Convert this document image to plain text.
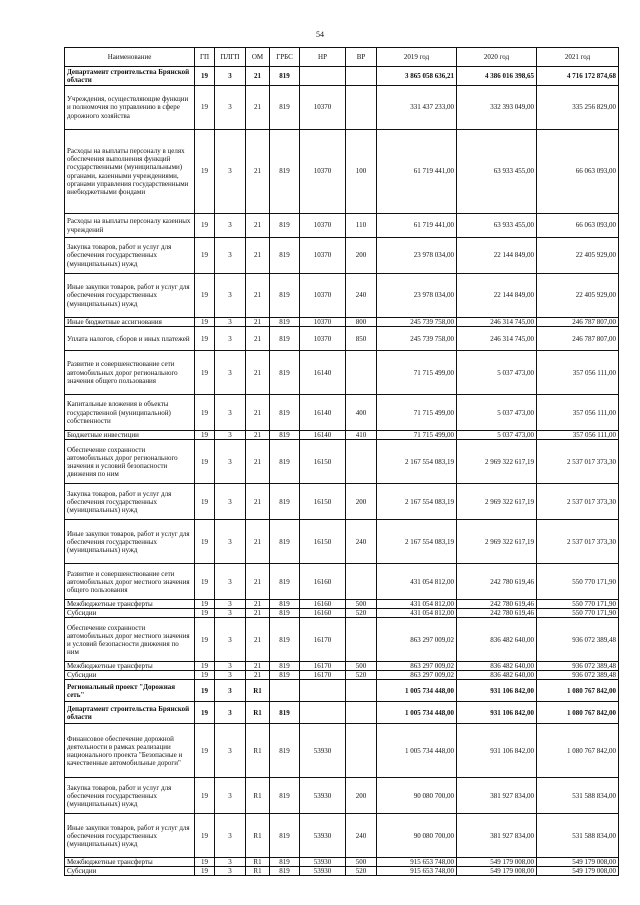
54
Наименование	ГП	ПЛГП	ОМ	ГРБС	НР	ВР	2019 год	2020 год	2021 год
Департамент строительства Брянской области	19	3	21	819			3 865 058 636,21	4 386 016 398,65	4 716 172 874,68
Учреждения, осуществляющие функции и полномочия по управлению в сфере дорожного хозяйства	19	3	21	819	10370		331 437 233,00	332 393 049,00	335 256 829,00
Расходы на выплаты персоналу в целях обеспечения выполнения функций государственными (муниципальными) органами, казенными учреждениями, органами управления государственными внебюджетными фондами	19	3	21	819	10370	100	61 719 441,00	63 933 455,00	66 063 093,00
Расходы на выплаты персоналу казенных учреждений	19	3	21	819	10370	110	61 719 441,00	63 933 455,00	66 063 093,00
Закупка товаров, работ и услуг для обеспечения государственных (муниципальных) нужд	19	3	21	819	10370	200	23 978 034,00	22 144 849,00	22 405 929,00
Иные закупки товаров, работ и услуг для обеспечения государственных (муниципальных) нужд	19	3	21	819	10370	240	23 978 034,00	22 144 849,00	22 405 929,00
Иные бюджетные ассигнования	19	3	21	819	10370	800	245 739 758,00	246 314 745,00	246 787 807,00
Уплата налогов, сборов и иных платежей	19	3	21	819	10370	850	245 739 758,00	246 314 745,00	246 787 807,00
Развитие и совершенствование сети автомобильных дорог регионального значения общего пользования	19	3	21	819	16140		71 715 499,00	5 037 473,00	357 056 111,00
Капитальные вложения в объекты государственной (муниципальной) собственности	19	3	21	819	16140	400	71 715 499,00	5 037 473,00	357 056 111,00
Бюджетные инвестиции	19	3	21	819	16140	410	71 715 499,00	5 037 473,00	357 056 111,00
Обеспечение сохранности автомобильных дорог регионального значения и условий безопасности движения по ним	19	3	21	819	16150		2 167 554 083,19	2 969 322 617,19	2 537 017 373,30
Закупка товаров, работ и услуг для обеспечения государственных (муниципальных) нужд	19	3	21	819	16150	200	2 167 554 083,19	2 969 322 617,19	2 537 017 373,30
Иные закупки товаров, работ и услуг для обеспечения государственных (муниципальных) нужд	19	3	21	819	16150	240	2 167 554 083,19	2 969 322 617,19	2 537 017 373,30
Развитие и совершенствование сети автомобильных дорог местного значения общего пользования	19	3	21	819	16160		431 054 812,00	242 780 619,46	550 770 171,90
Межбюджетные трансферты	19	3	21	819	16160	500	431 054 812,00	242 780 619,46	550 770 171,90
Субсидии	19	3	21	819	16160	520	431 054 812,00	242 780 619,46	550 770 171,90
Обеспечение сохранности автомобильных дорог местного значения и условий безопасности движения по ним	19	3	21	819	16170		863 297 009,02	836 482 640,00	936 072 389,48
Межбюджетные трансферты	19	3	21	819	16170	500	863 297 009,02	836 482 640,00	936 072 389,48
Субсидии	19	3	21	819	16170	520	863 297 009,02	836 482 640,00	936 072 389,48
Региональный проект "Дорожная сеть"	19	3	R1				1 005 734 448,00	931 106 842,00	1 080 767 842,00
Департамент строительства Брянской области	19	3	R1	819			1 005 734 448,00	931 106 842,00	1 080 767 842,00
Финансовое обеспечение дорожной деятельности в рамках реализации национального проекта "Безопасные и качественные автомобильные дороги"	19	3	R1	819	53930		1 005 734 448,00	931 106 842,00	1 080 767 842,00
Закупка товаров, работ и услуг для обеспечения государственных (муниципальных) нужд	19	3	R1	819	53930	200	90 080 700,00	381 927 834,00	531 588 834,00
Иные закупки товаров, работ и услуг для обеспечения государственных (муниципальных) нужд	19	3	R1	819	53930	240	90 080 700,00	381 927 834,00	531 588 834,00
Межбюджетные трансферты	19	3	R1	819	53930	500	915 653 748,00	549 179 008,00	549 179 008,00
Субсидии	19	3	R1	819	53930	520	915 653 748,00	549 179 008,00	549 179 008,00
